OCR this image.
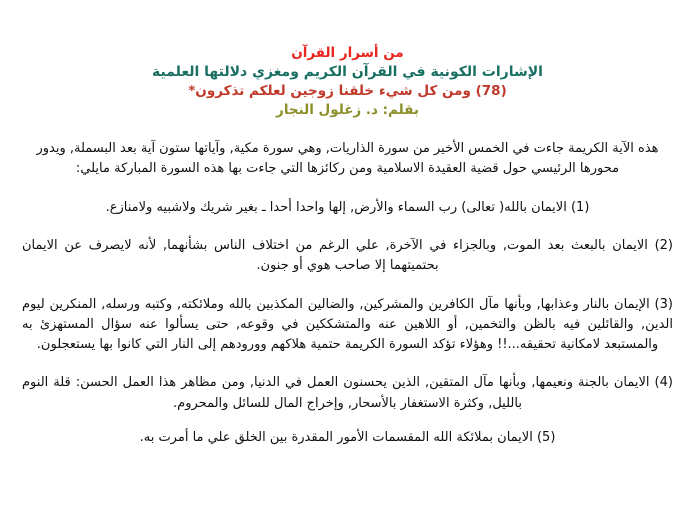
من أسرار القرآن
الإشارات الكونية في القرآن الكريم ومغزي دلالتها العلمية
(78) ومن كل شيء خلقنا زوجين لعلكم تذكرون*
بقلم: د. زغلول النجار

هذه الآية الكريمة جاءت في الخمس الأخير من سورة الذاريات, وهي سورة مكية, وآياتها ستون آية بعد البسملة, ويدور محورها الرئيسي حول قضية العقيدة الاسلامية ومن ركائزها التي جاءت بها هذه السورة المباركة مايلي:

(1) الايمان بالله( تعالى) رب السماء والأرض, إلها واحدا أحدا ـ بغير شريك ولاشبيه ولامنازع.

(2) الايمان بالبعث بعد الموت, وبالجزاء في الآخرة, علي الرغم من اختلاف الناس بشأنهما, لأنه لايصرف عن الايمان بحتميتهما إلا صاحب هوي أو جنون.

(3) الإيمان بالنار وعذابها, وبأنها مآل الكافرين والمشركين, والضالين المكذبين بالله وملائكته, وكتبه ورسله, المنكرين ليوم الدين, والقائلين فيه بالظن والتخمين, أو اللاهين عنه والمتشككين في وقوعه, حتى يسألوا عنه سؤال المستهزئ به والمستبعد لامكانية تحقيقه...!! وهؤلاء تؤكد السورة الكريمة حتمية هلاكهم وورودهم إلى النار التي كانوا بها يستعجلون.

(4) الايمان بالجنة ونعيمها, وبأنها مآل المتقين, الذين يحسنون العمل في الدنيا, ومن مظاهر هذا العمل الحسن: قلة النوم بالليل, وكثرة الاستغفار بالأسحار, وإخراج المال للسائل والمحروم.

(5) الايمان بملائكة الله المقسمات الأمور المقدرة بين الخلق علي ما أمرت به.
